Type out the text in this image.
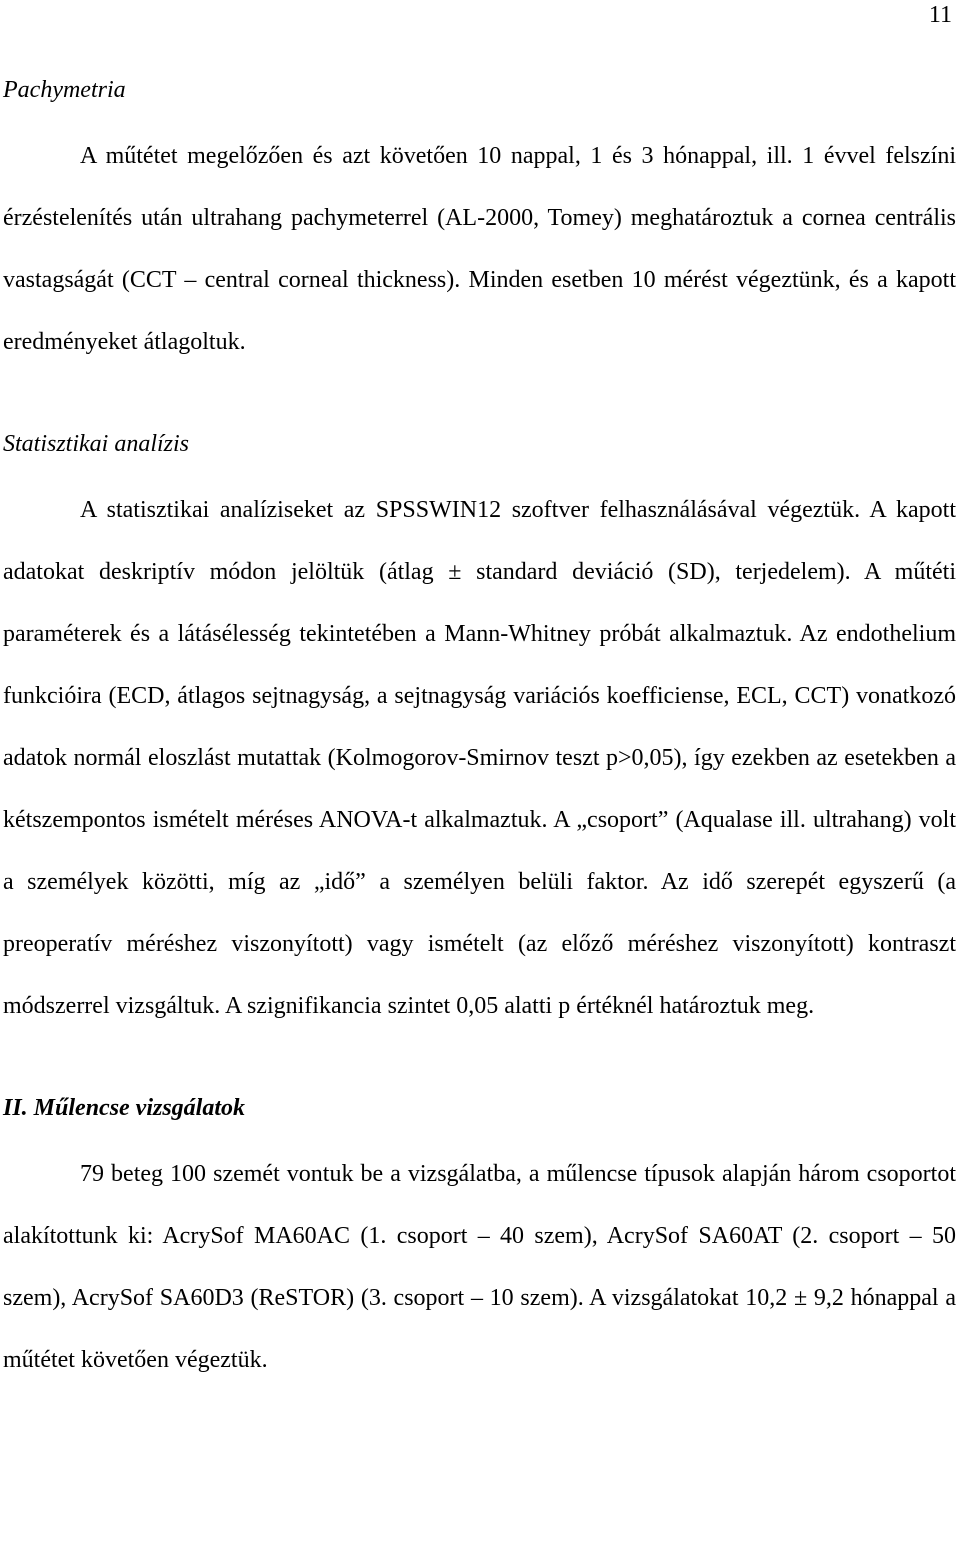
11
Pachymetria

A műtétet megelőzően és azt követően 10 nappal, 1 és 3 hónappal, ill. 1 évvel felszíni érzéstelenítés után ultrahang pachymeterrel (AL-2000, Tomey) meghatároztuk a cornea centrális vastagságát (CCT – central corneal thickness). Minden esetben 10 mérést végeztünk, és a kapott eredményeket átlagoltuk.

Statisztikai analízis

A statisztikai analíziseket az SPSSWIN12 szoftver felhasználásával végeztük. A kapott adatokat deskriptív módon jelöltük (átlag ± standard deviáció (SD), terjedelem). A műtéti paraméterek és a látásélesség tekintetében a Mann-Whitney próbát alkalmaztuk. Az endothelium funkcióira (ECD, átlagos sejtnagyság, a sejtnagyság variációs koefficiense, ECL, CCT) vonatkozó adatok normál eloszlást mutattak (Kolmogorov-Smirnov teszt p>0,05), így ezekben az esetekben a kétszempontos ismételt méréses ANOVA-t alkalmaztuk. A „csoport” (Aqualase ill. ultrahang) volt a személyek közötti, míg az „idő” a személyen belüli faktor. Az idő szerepét egyszerű (a preoperatív méréshez viszonyított) vagy ismételt (az előző méréshez viszonyított) kontraszt módszerrel vizsgáltuk. A szignifikancia szintet 0,05 alatti p értéknél határoztuk meg.

II. Műlencse vizsgálatok

79 beteg 100 szemét vontuk be a vizsgálatba, a műlencse típusok alapján három csoportot alakítottunk ki: AcrySof MA60AC (1. csoport – 40 szem), AcrySof SA60AT (2. csoport – 50 szem), AcrySof SA60D3 (ReSTOR) (3. csoport – 10 szem). A vizsgálatokat 10,2 ± 9,2 hónappal a műtétet követően végeztük.
